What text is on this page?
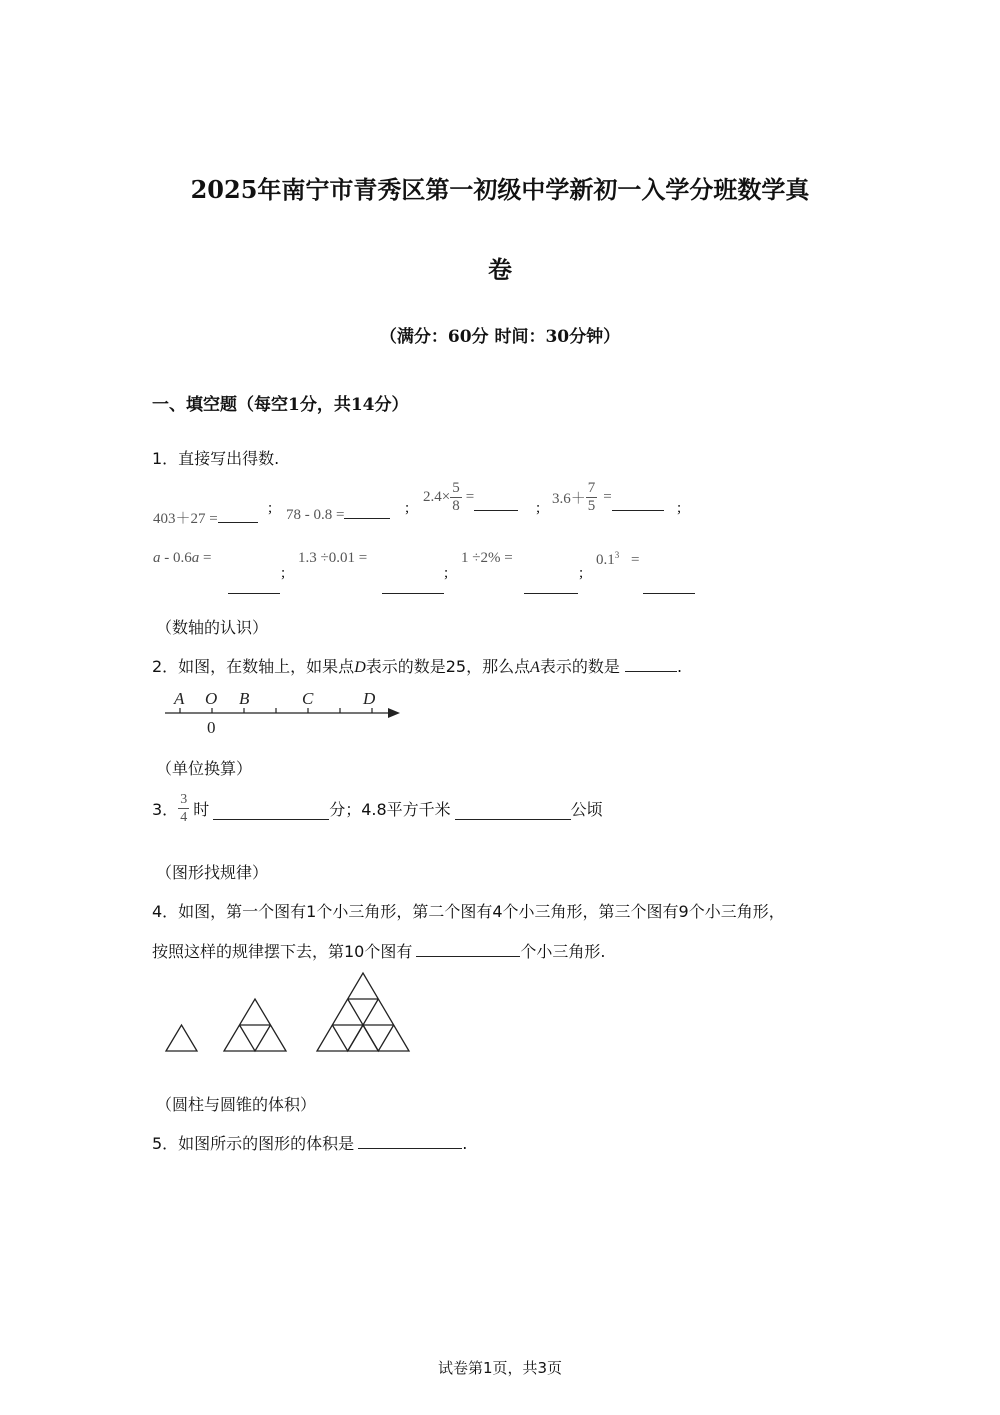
2025年南宁市青秀区第一初级中学新初一入学分班数学真
卷
（满分：60分 时间：30分钟）
一、填空题（每空1分，共14分）
1．直接写出得数.
403＋27 =
; 78 - 0.8 =	;
$2.4\times \frac{5}{8}$ =
;
$3.6+ \frac{7}{5}$ =
;
a - 0.6a =
;
1.3 ÷0.01 =
;
1 ÷2% =
;
$0.1^3$ =
（数轴的认识）
2．如图，在数轴上，如果点D表示的数是25，那么点A表示的数是	.
A O B	C	D
0
（单位换算）
3． $\frac{3}{4}$ 时	分；4.8平方千米	公顷
（图形找规律）
4．如图，第一个图有1个小三角形，第二个图有4个小三角形，第三个图有9个小三角形，
按照这样的规律摆下去，第10个图有	个小三角形.
（圆柱与圆锥的体积）
5．如图所示的图形的体积是	.
试卷第1页，共3页
